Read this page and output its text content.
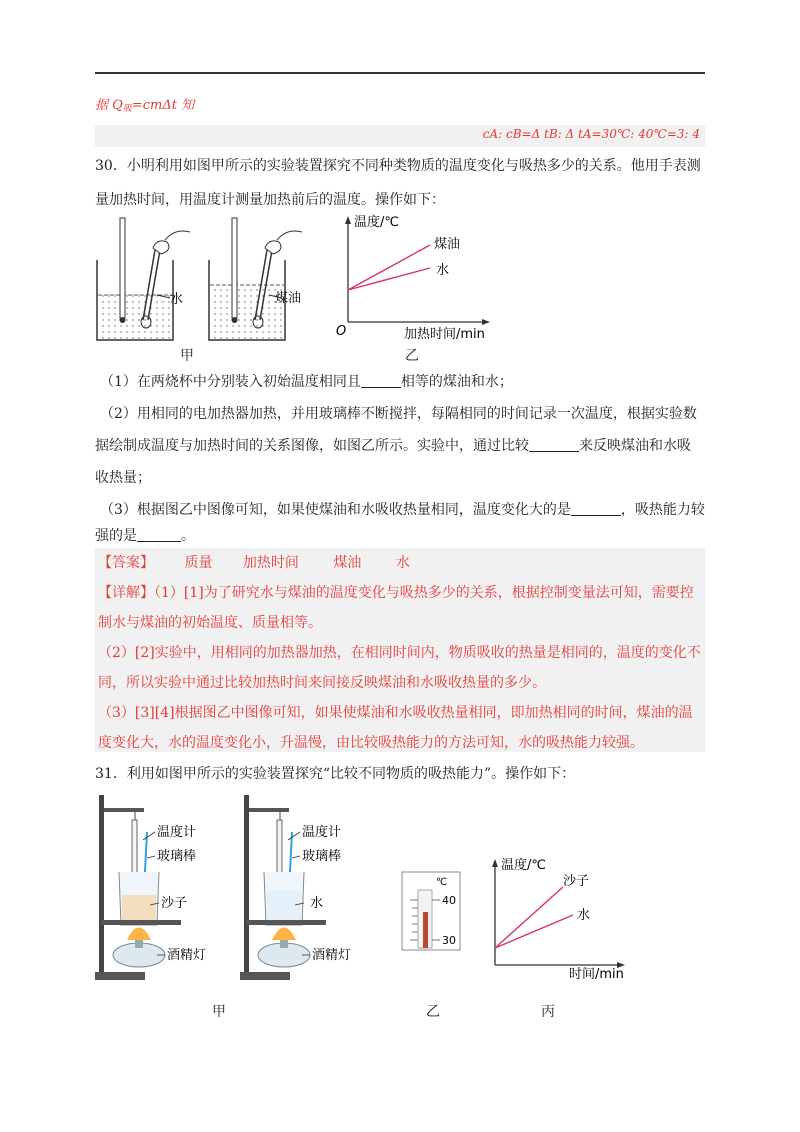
据 $Q_吸=cm\Delta t$ 知
cA: cB=Δ tB: Δ tA=30℃: 40℃=3: 4
30．小明利用如图甲所示的实验装置探究不同种类物质的温度变化与吸热多少的关系。他用手表测
量加热时间，用温度计测量加热前后的温度。操作如下：
水	煤油
甲
温度/℃
煤油
水
O	加热时间/min
乙
（1）在两烧杯中分别装入初始温度相同且	相等的煤油和水；
（2）用相同的电加热器加热，并用玻璃棒不断搅拌，每隔相同的时间记录一次温度，根据实验数
据绘制成温度与加热时间的关系图像，如图乙所示。实验中，通过比较	来反映煤油和水吸
收热量；
（3）根据图乙中图像可知，如果使煤油和水吸收热量相同，温度变化大的是	，吸热能力较
强的是	。
【答案】 质量 加热时间 煤油 水
【详解】（1）[1]为了研究水与煤油的温度变化与吸热多少的关系，根据控制变量法可知，需要控
制水与煤油的初始温度、质量相等。
（2）[2]实验中，用相同的加热器加热，在相同时间内，物质吸收的热量是相同的，温度的变化不
同，所以实验中通过比较加热时间来间接反映煤油和水吸收热量的多少。
（3）[3][4]根据图乙中图像可知，如果使煤油和水吸收热量相同，即加热相同的时间，煤油的温
度变化大，水的温度变化小，升温慢，由比较吸热能力的方法可知，水的吸热能力较强。
31．利用如图甲所示的实验装置探究“比较不同物质的吸热能力”。操作如下：
温度计
玻璃棒
沙子
酒精灯
温度计
玻璃棒
水
酒精灯
℃
40
30
温度/℃
沙子
水
时间/min
甲	乙	丙
